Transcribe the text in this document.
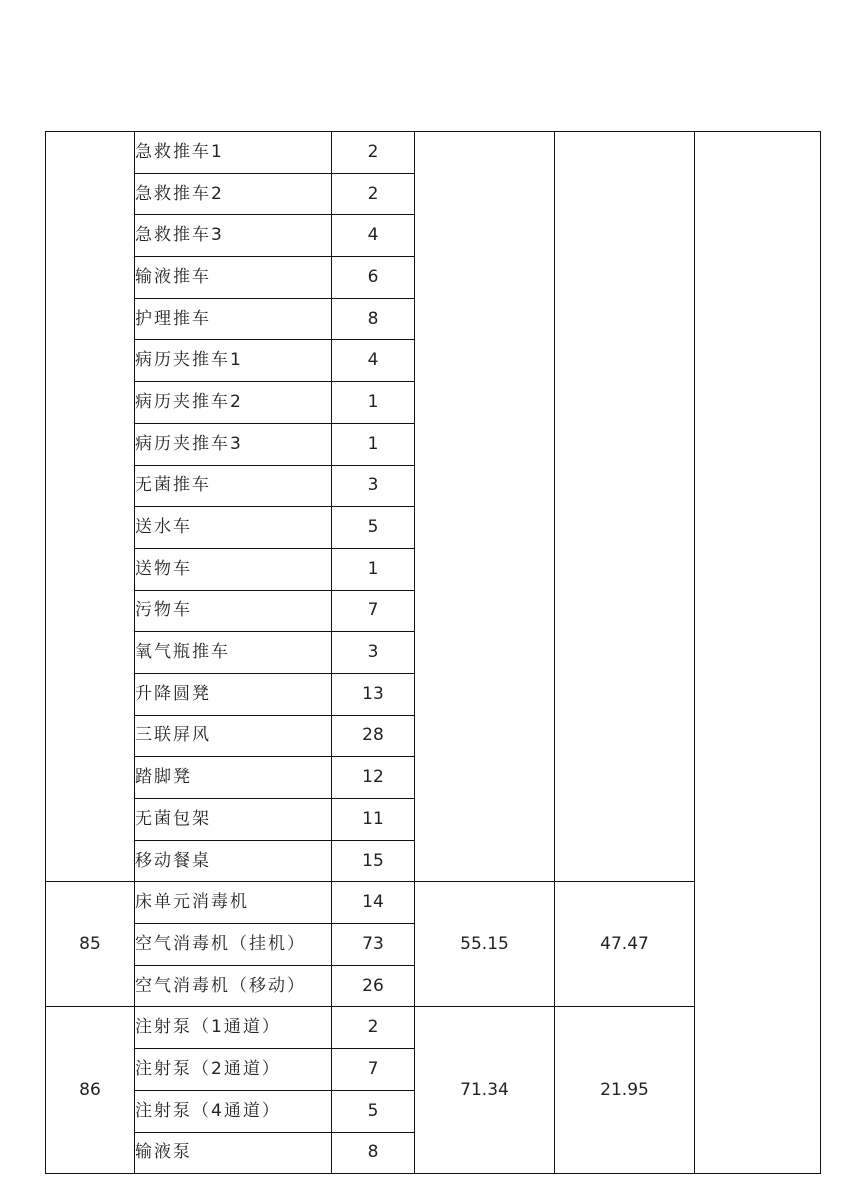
	急救推车1	2			
	急救推车2	2			
	急救推车3	4			
	输液推车	6			
	护理推车	8			
	病历夹推车1	4			
	病历夹推车2	1			
	病历夹推车3	1			
	无菌推车	3			
	送水车	5			
	送物车	1			
	污物车	7			
	氧气瓶推车	3			
	升降圆凳	13			
	三联屏风	28			
	踏脚凳	12			
	无菌包架	11			
	移动餐桌	15			
85	床单元消毒机	14	55.15	47.47	
	空气消毒机（挂机）	73			
	空气消毒机（移动）	26			
86	注射泵（1通道）	2	71.34	21.95	
	注射泵（2通道）	7			
	注射泵（4通道）	5			
	输液泵	8			
